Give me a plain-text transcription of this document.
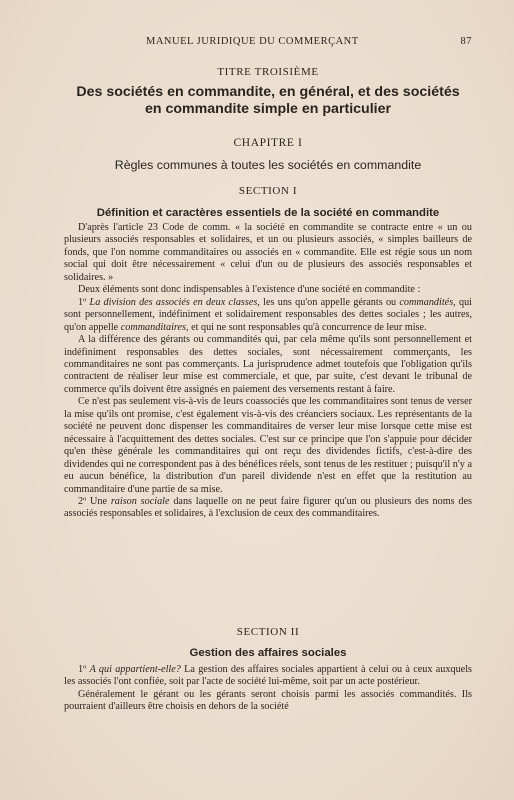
MANUEL JURIDIQUE DU COMMERÇANT	87
TITRE TROISIÈME
Des sociétés en commandite, en général, et des sociétés
en commandite simple en particulier
CHAPITRE I
Règles communes à toutes les sociétés en commandite
SECTION I
Définition et caractères essentiels de la société en commandite

D'après l'article 23 Code de comm. « la société en commandite se contracte entre « un ou plusieurs associés responsables et solidaires, et un ou plusieurs associés, « simples bailleurs de fonds, que l'on nomme commanditaires ou associés en « commandite. Elle est régie sous un nom social qui doit être nécessairement « celui d'un ou de plusieurs des associés responsables et solidaires. »

Deux éléments sont donc indispensables à l'existence d'une société en commandite :

1º La division des associés en deux classes, les uns qu'on appelle gérants ou commandités, qui sont personnellement, indéfiniment et solidairement responsables des dettes sociales ; les autres, qu'on appelle commanditaires, et qui ne sont responsables qu'à concurrence de leur mise.

A la différence des gérants ou commandités qui, par cela même qu'ils sont personnellement et indéfiniment responsables des dettes sociales, sont nécessairement commerçants, les commanditaires ne sont pas commerçants. La jurisprudence admet toutefois que l'obligation qu'ils contractent de réaliser leur mise est commerciale, et que, par suite, c'est devant le tribunal de commerce qu'ils doivent être assignés en paiement des versements restant à faire.

Ce n'est pas seulement vis-à-vis de leurs coassociés que les commanditaires sont tenus de verser la mise qu'ils ont promise, c'est également vis-à-vis des créanciers sociaux. Les représentants de la société ne peuvent donc dispenser les commanditaires de verser leur mise lorsque cette mise est nécessaire à l'acquittement des dettes sociales. C'est sur ce principe que l'on s'appuie pour décider qu'en thèse générale les commanditaires qui ont reçu des dividendes fictifs, c'est-à-dire des dividendes qui ne correspondent pas à des bénéfices réels, sont tenus de les restituer ; puisqu'il n'y a eu aucun bénéfice, la distribution d'un pareil dividende n'est en effet que la restitution au commanditaire d'une partie de sa mise.

2º Une raison sociale dans laquelle on ne peut faire figurer qu'un ou plusieurs des noms des associés responsables et solidaires, à l'exclusion de ceux des commanditaires.

SECTION II
Gestion des affaires sociales

1º A qui appartient-elle? La gestion des affaires sociales appartient à celui ou à ceux auxquels les associés l'ont confiée, soit par l'acte de société lui-même, soit par un acte postérieur.

Généralement le gérant ou les gérants seront choisis parmi les associés commandités. Ils pourraient d'ailleurs être choisis en dehors de la société
